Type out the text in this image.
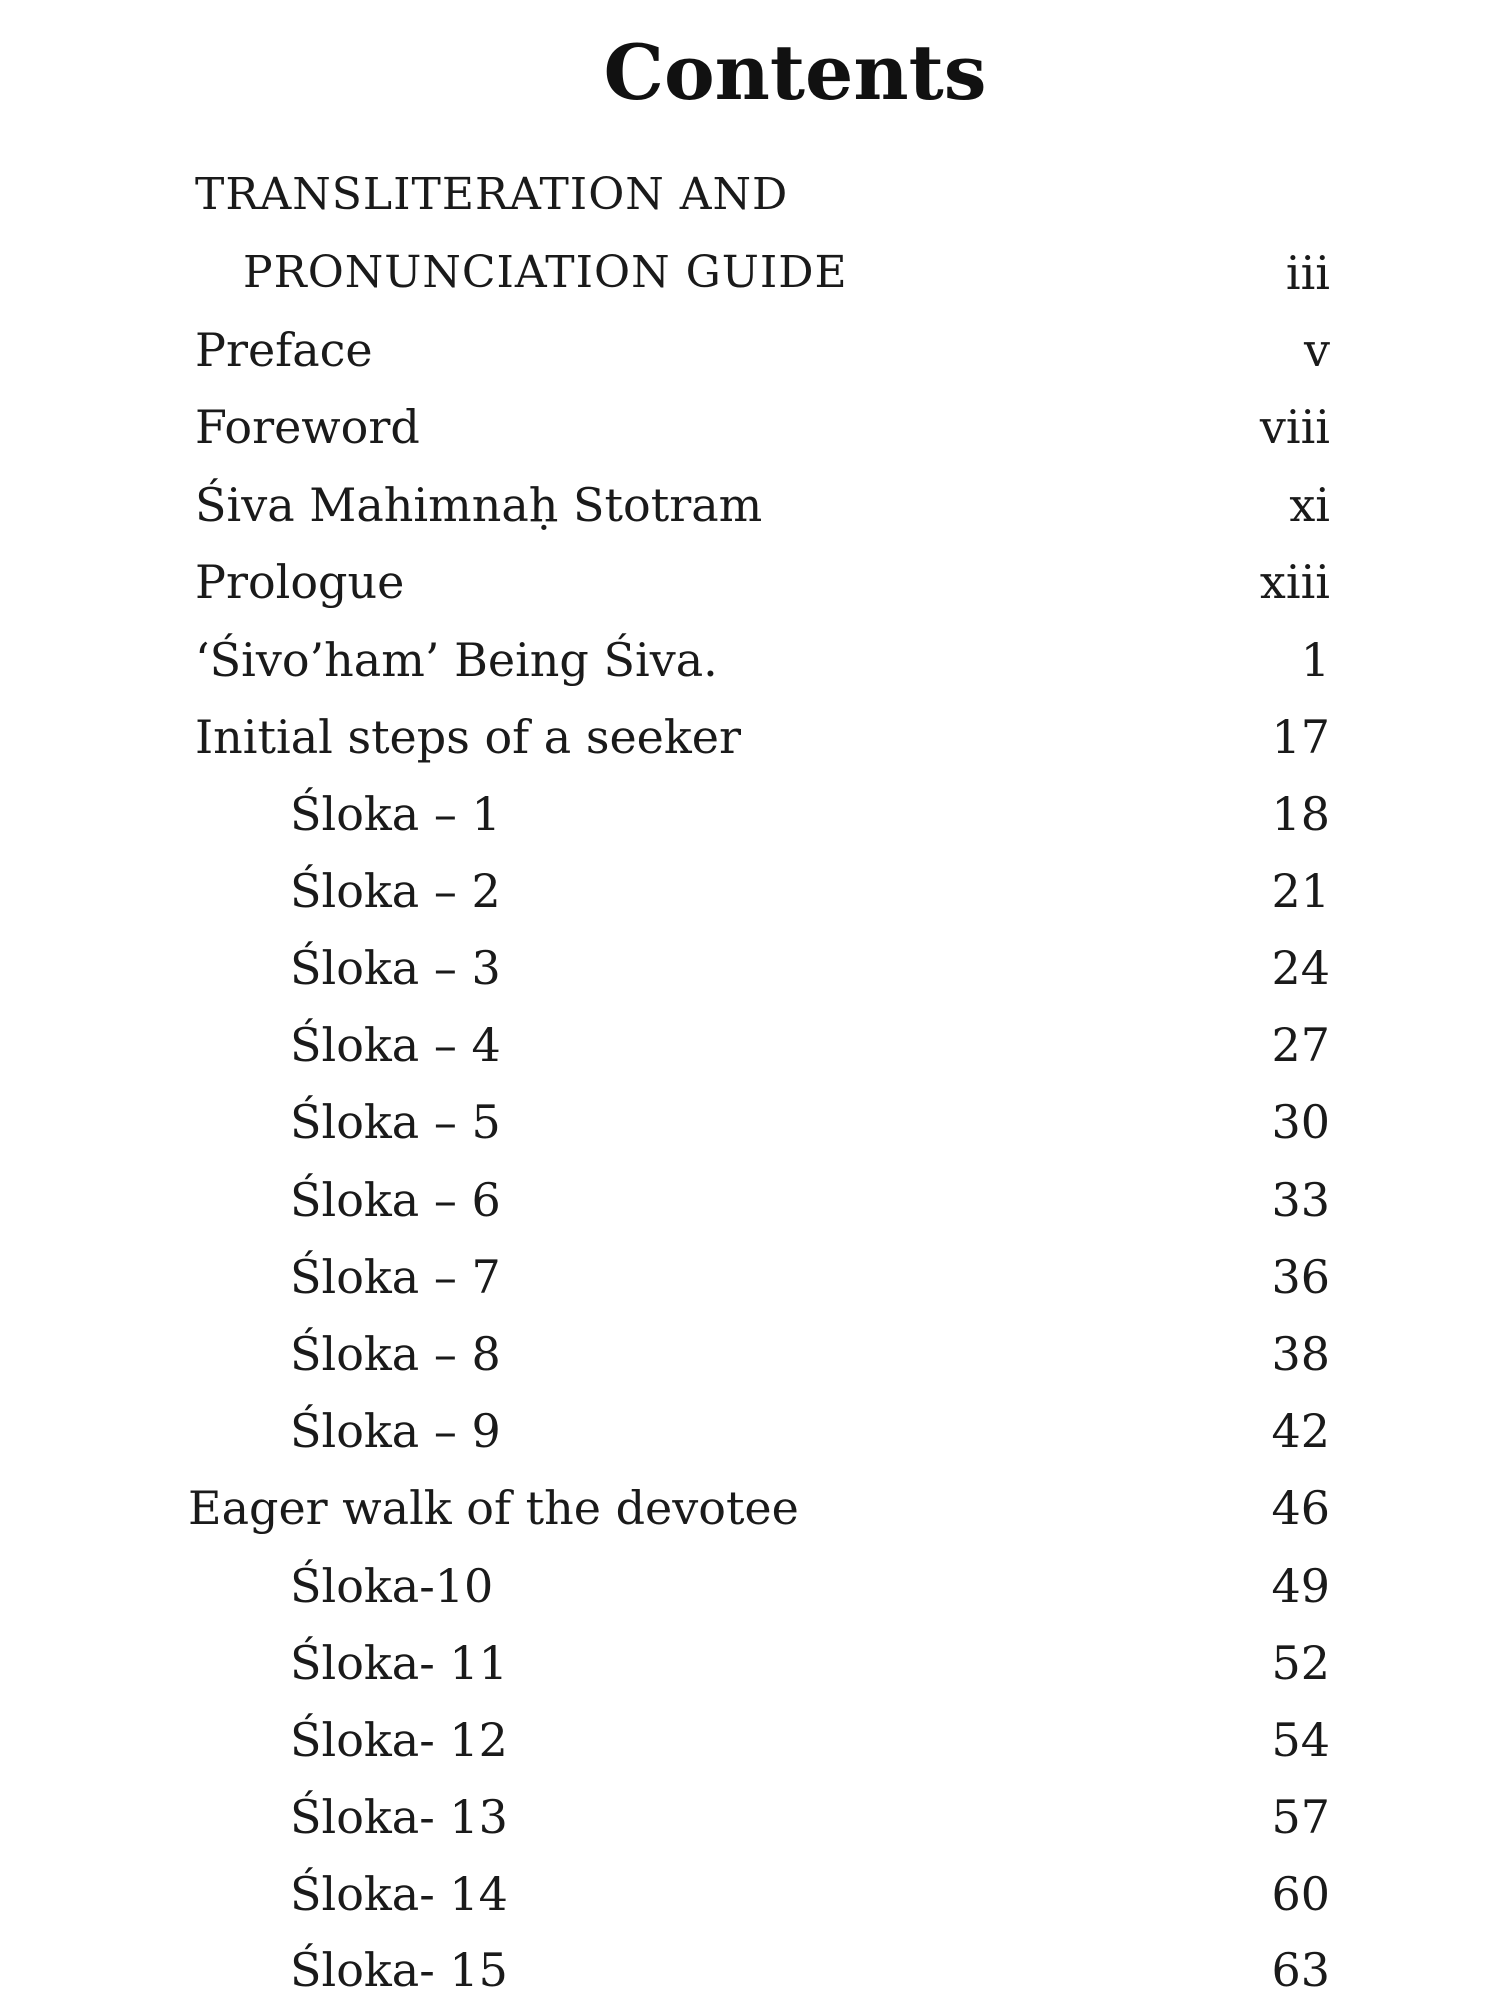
Contents
TRANSLITERATION AND
PRONUNCIATION GUIDE	iii
Preface	v
Foreword	viii
Śiva Mahimnaḥ Stotram	xi
Prologue	xiii
‘Śivo’ham’ Being Śiva.	1
Initial steps of a seeker	17
Śloka – 1	18
Śloka – 2	21
Śloka – 3	24
Śloka – 4	27
Śloka – 5	30
Śloka – 6	33
Śloka – 7	36
Śloka – 8	38
Śloka – 9	42
Eager walk of the devotee	46
Śloka-10	49
Śloka- 11	52
Śloka- 12	54
Śloka- 13	57
Śloka- 14	60
Śloka- 15	63
